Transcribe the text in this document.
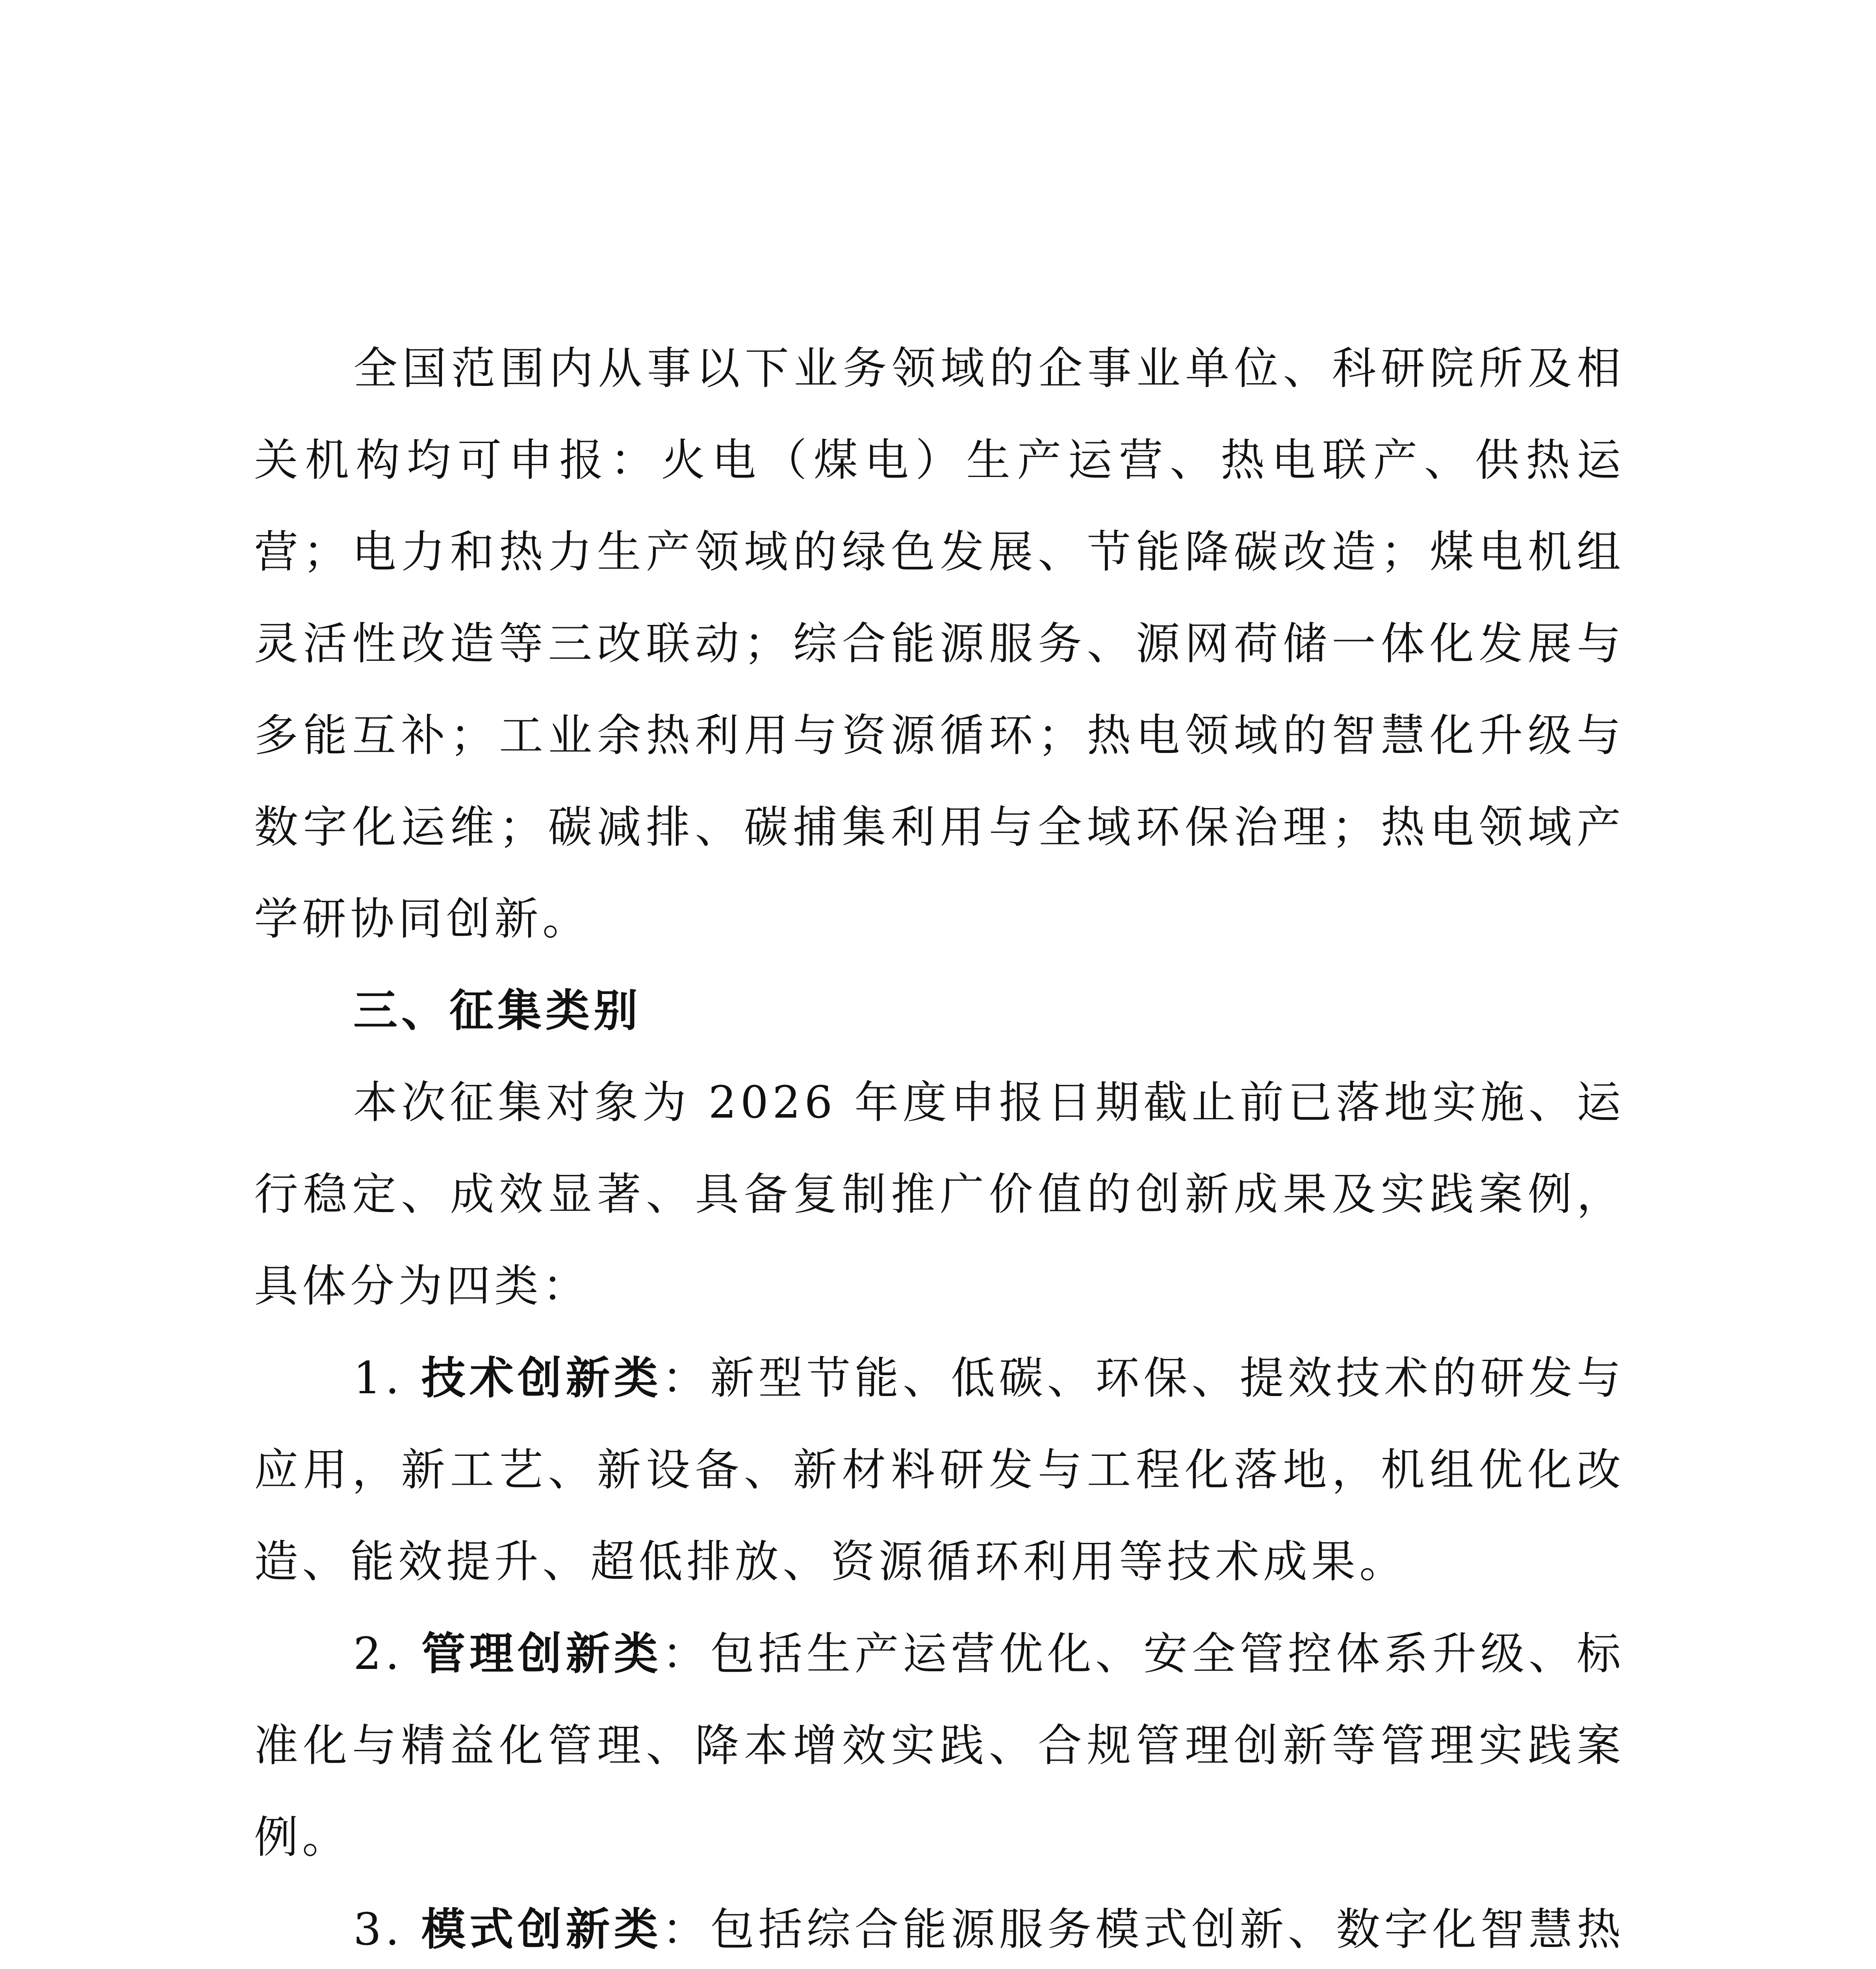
全国范围内从事以下业务领域的企事业单位、科研院所及相关机构均可申报：火电（煤电）生产运营、热电联产、供热运营；电力和热力生产领域的绿色发展、节能降碳改造；煤电机组灵活性改造等三改联动；综合能源服务、源网荷储一体化发展与多能互补；工业余热利用与资源循环；热电领域的智慧化升级与数字化运维；碳减排、碳捕集利用与全域环保治理；热电领域产学研协同创新。

三、征集类别

本次征集对象为 2026 年度申报日期截止前已落地实施、运行稳定、成效显著、具备复制推广价值的创新成果及实践案例，具体分为四类：

1. 技术创新类：新型节能、低碳、环保、提效技术的研发与应用，新工艺、新设备、新材料研发与工程化落地，机组优化改造、能效提升、超低排放、资源循环利用等技术成果。

2. 管理创新类：包括生产运营优化、安全管控体系升级、标准化与精益化管理、降本增效实践、合规管理创新等管理实践案例。

3. 模式创新类：包括综合能源服务模式创新、数字化智慧热
